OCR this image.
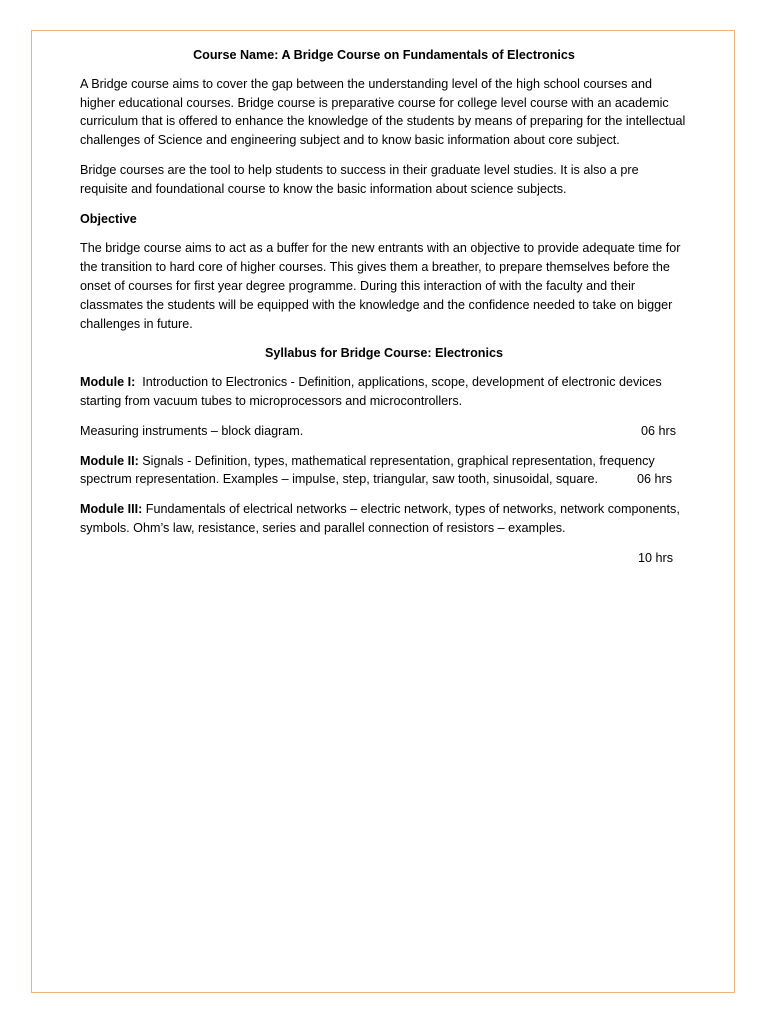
Course Name: A Bridge Course on Fundamentals of Electronics

A Bridge course aims to cover the gap between the understanding level of the high school courses and higher educational courses. Bridge course is preparative course for college level course with an academic curriculum that is offered to enhance the knowledge of the students by means of preparing for the intellectual challenges of Science and engineering subject and to know basic information about core subject.

Bridge courses are the tool to help students to success in their graduate level studies. It is also a pre requisite and foundational course to know the basic information about science subjects.

Objective

The bridge course aims to act as a buffer for the new entrants with an objective to provide adequate time for the transition to hard core of higher courses. This gives them a breather, to prepare themselves before the onset of courses for first year degree programme. During this interaction of with the faculty and their classmates the students will be equipped with the knowledge and the confidence needed to take on bigger challenges in future.

Syllabus for Bridge Course: Electronics

Module I: Introduction to Electronics - Definition, applications, scope, development of electronic devices starting from vacuum tubes to microprocessors and microcontrollers.

Measuring instruments – block diagram.	06 hrs
Module II: Signals - Definition, types, mathematical representation, graphical representation, frequency spectrum representation. Examples – impulse, step, triangular, saw tooth, sinusoidal, square.	06 hrs

Module III: Fundamentals of electrical networks – electric network, types of networks, network components, symbols. Ohm’s law, resistance, series and parallel connection of resistors – examples.

10 hrs
